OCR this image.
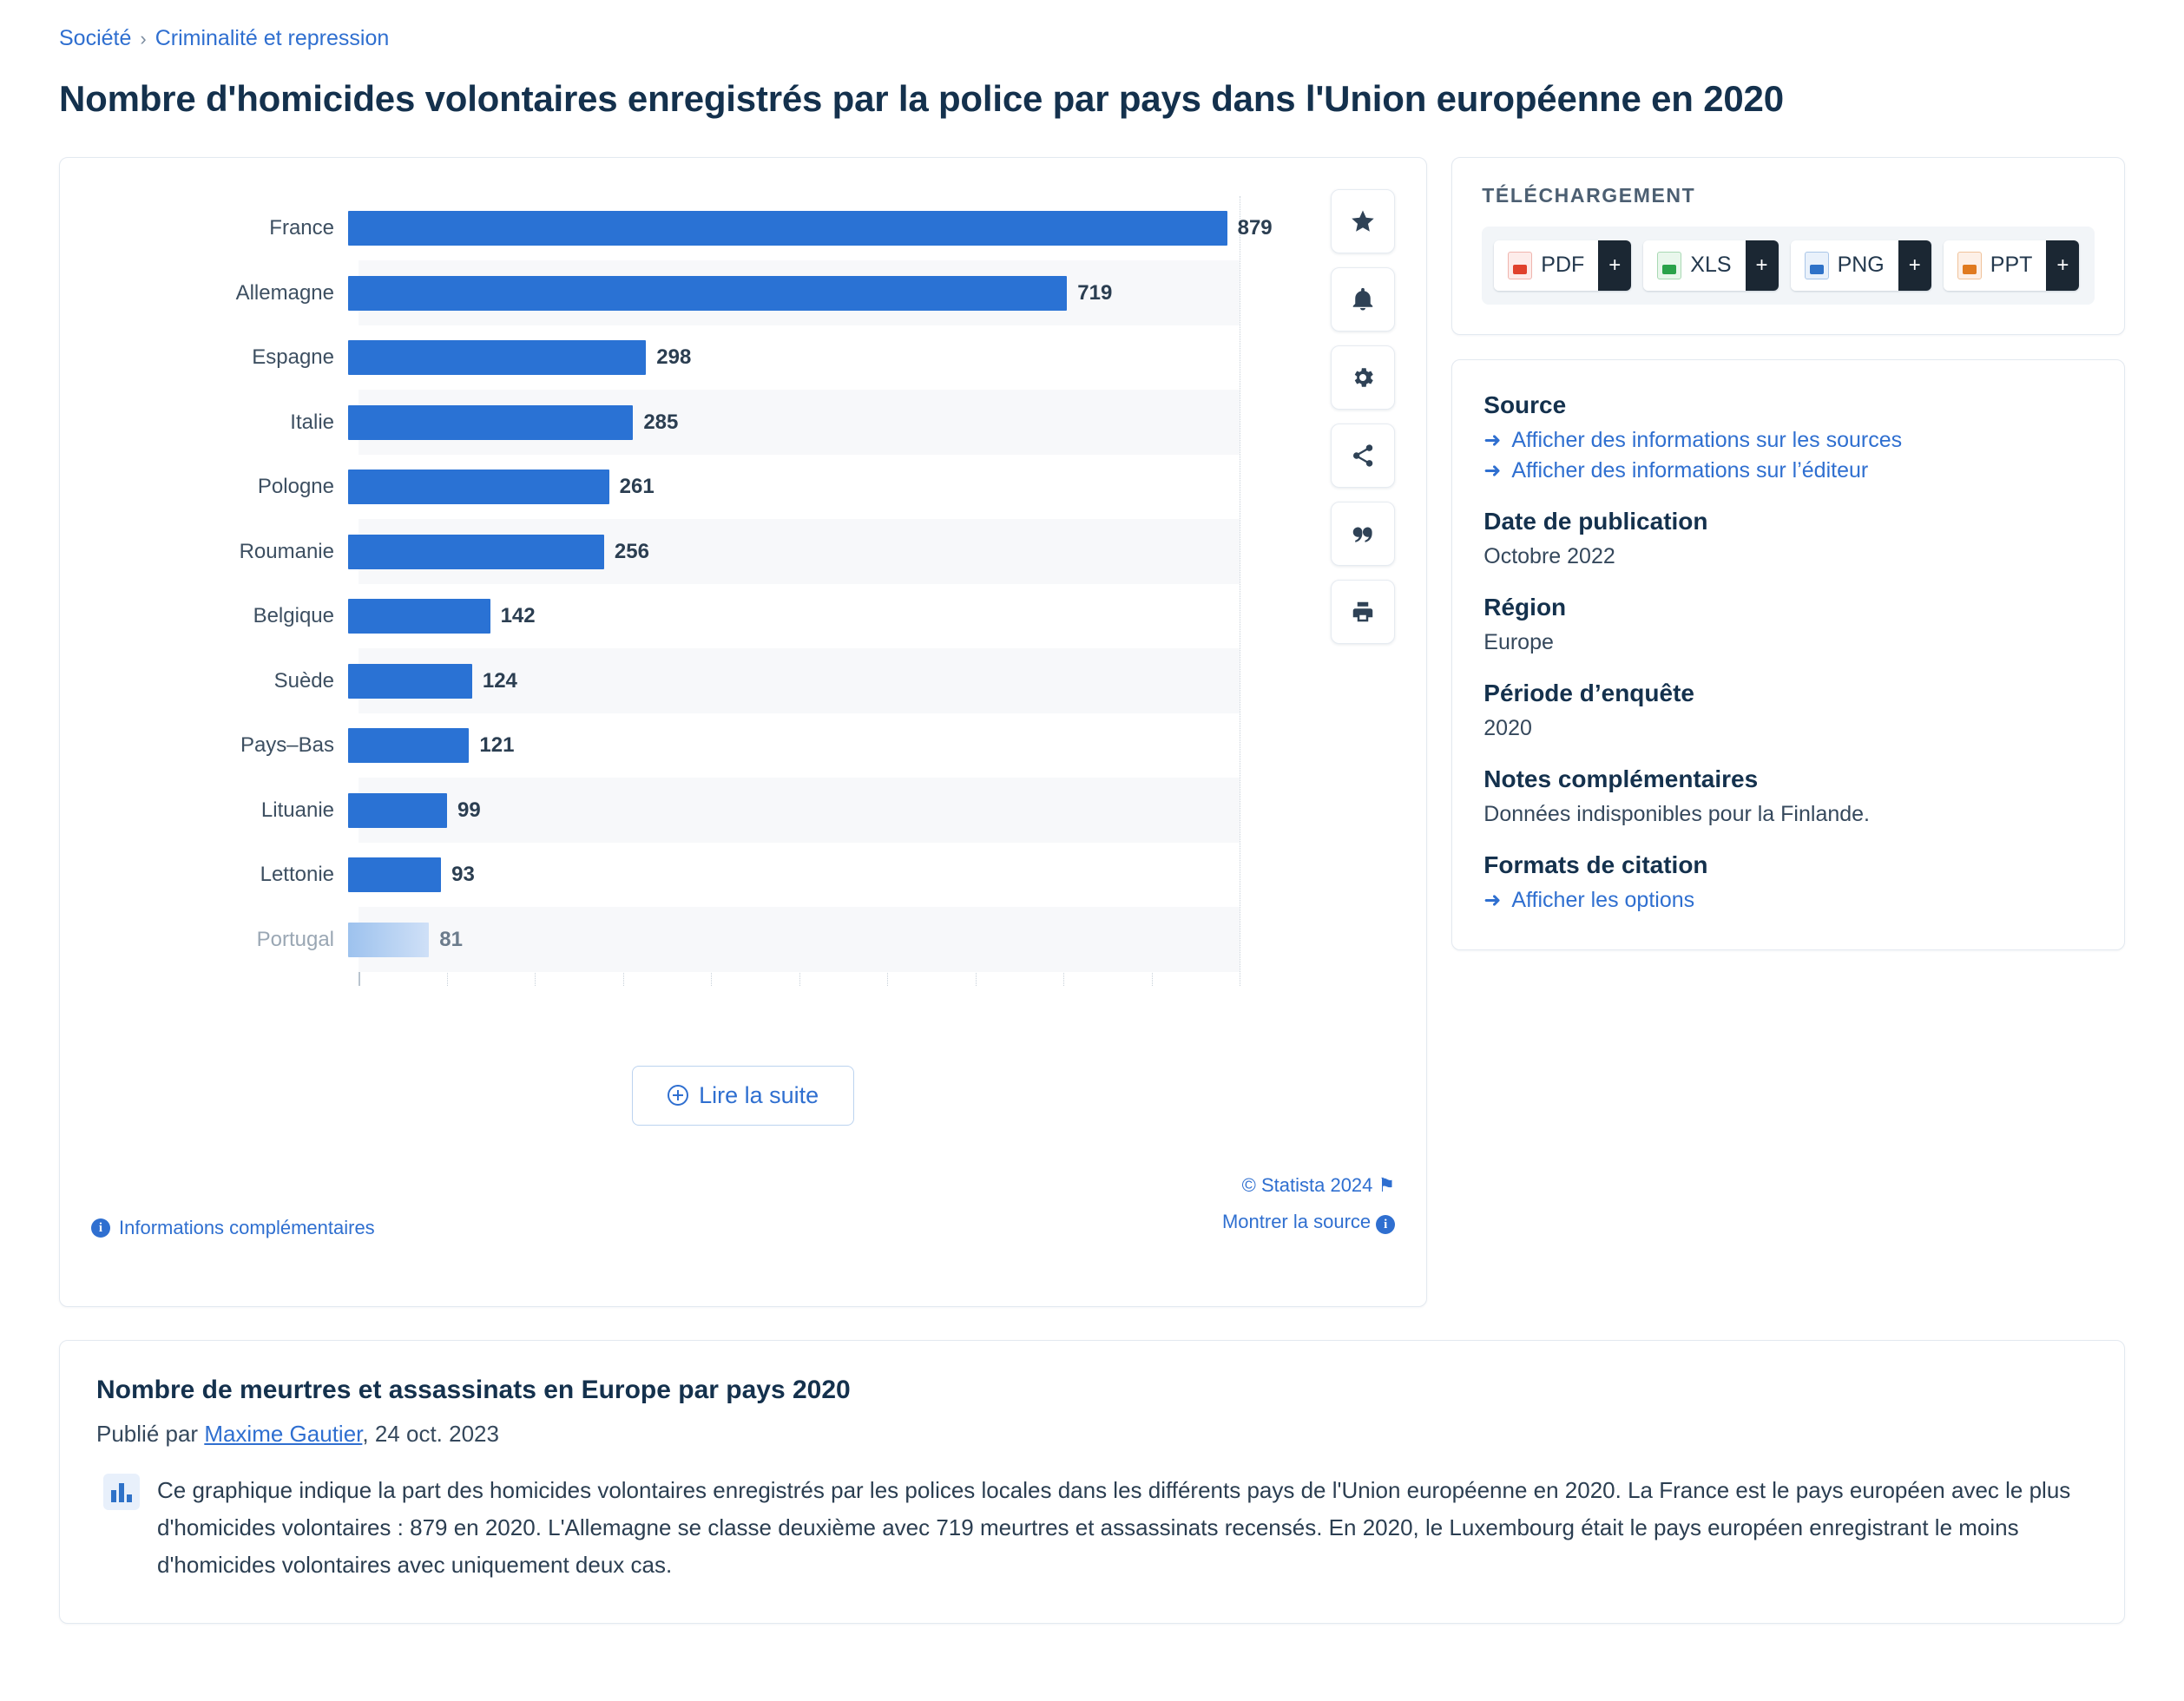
Société › Criminalité et repression
Nombre d'homicides volontaires enregistrés par la police par pays dans l'Union européenne en 2020
France	879
Allemagne	719
Espagne	298
Italie	285
Pologne	261
Roumanie	256
Belgique	142
Suède	124
Pays–Bas	121
Lituanie	99
Lettonie	93
Portugal	81
Lire la suite
i Informations complémentaires
© Statista 2024 ⚑
Montrer la source i
TÉLÉCHARGEMENT
PDF	+	XLS	+	PNG	+	PPT	+
Source
➜ Afficher des informations sur les sources
➜ Afficher des informations sur l’éditeur
Date de publication
Octobre 2022
Région
Europe
Période d’enquête
2020
Notes complémentaires
Données indisponibles pour la Finlande.
Formats de citation
➜ Afficher les options
Nombre de meurtres et assassinats en Europe par pays 2020
Publié par Maxime Gautier, 24 oct. 2023
Ce graphique indique la part des homicides volontaires enregistrés par les polices locales dans les différents pays de l'Union européenne en 2020. La France est le pays européen avec le plus d'homicides volontaires : 879 en 2020. L'Allemagne se classe deuxième avec 719 meurtres et assassinats recensés. En 2020, le Luxembourg était le pays européen enregistrant le moins d'homicides volontaires avec uniquement deux cas.
